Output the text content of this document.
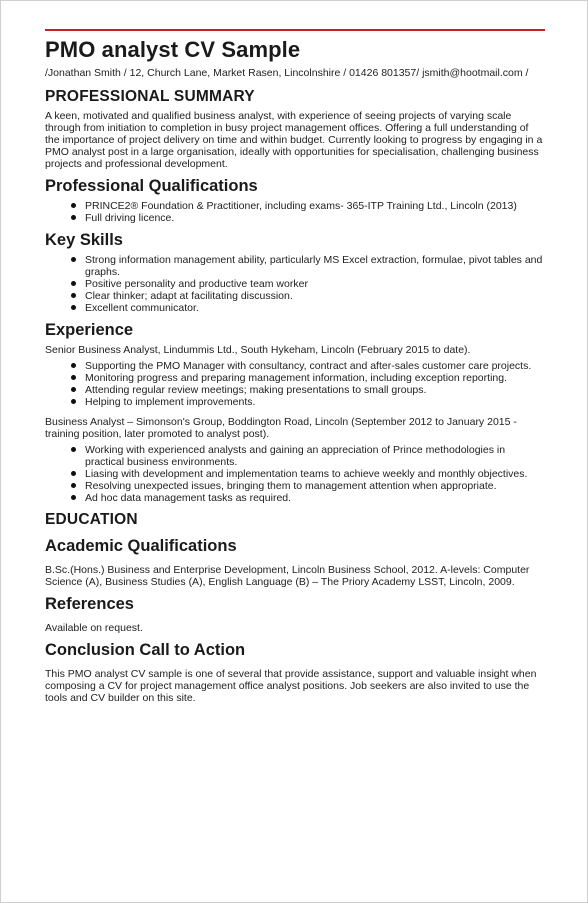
PMO analyst CV Sample

/Jonathan Smith / 12, Church Lane, Market Rasen, Lincolnshire / 01426 801357/ jsmith@hootmail.com /

PROFESSIONAL SUMMARY

A keen, motivated and qualified business analyst, with experience of seeing projects of varying scale through from initiation to completion in busy project management offices. Offering a full understanding of the importance of project delivery on time and within budget. Currently looking to progress by engaging in a PMO analyst post in a large organisation, ideally with opportunities for specialisation, challenging business projects and professional development.

Professional Qualifications
PRINCE2® Foundation & Practitioner, including exams- 365-ITP Training Ltd., Lincoln (2013)
Full driving licence.
Key Skills
Strong information management ability, particularly MS Excel extraction, formulae, pivot tables and graphs.
Positive personality and productive team worker
Clear thinker; adapt at facilitating discussion.
Excellent communicator.
Experience

Senior Business Analyst, Lindummis Ltd., South Hykeham, Lincoln (February 2015 to date).

Supporting the PMO Manager with consultancy, contract and after-sales customer care projects.
Monitoring progress and preparing management information, including exception reporting.
Attending regular review meetings; making presentations to small groups.
Helping to implement improvements.

Business Analyst – Simonson's Group, Boddington Road, Lincoln (September 2012 to January 2015 - training position, later promoted to analyst post).

Working with experienced analysts and gaining an appreciation of Prince methodologies in practical business environments.
Liasing with development and implementation teams to achieve weekly and monthly objectives.
Resolving unexpected issues, bringing them to management attention when appropriate.
Ad hoc data management tasks as required.
EDUCATION
Academic Qualifications

B.Sc.(Hons.) Business and Enterprise Development, Lincoln Business School, 2012. A-levels: Computer Science (A), Business Studies (A), English Language (B) – The Priory Academy LSST, Lincoln, 2009.

References

Available on request.

Conclusion Call to Action

This PMO analyst CV sample is one of several that provide assistance, support and valuable insight when composing a CV for project management office analyst positions. Job seekers are also invited to use the tools and CV builder on this site.
